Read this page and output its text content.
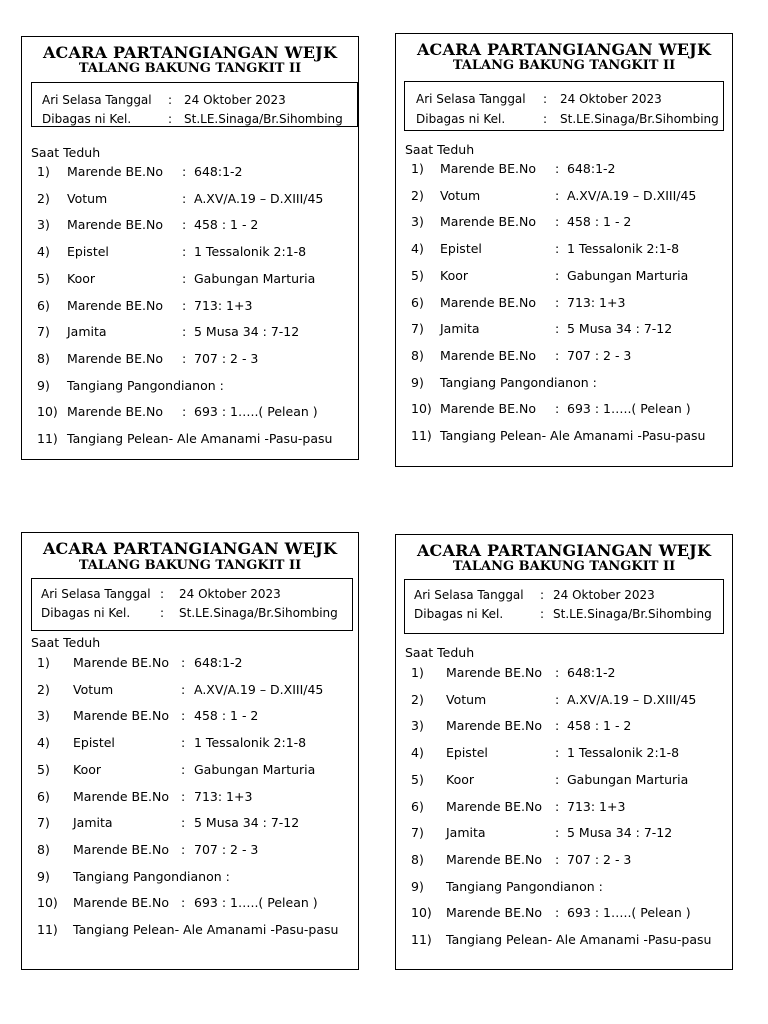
ACARA PARTANGIANGAN WEJK
TALANG BAKUNG TANGKIT II
Ari Selasa Tanggal : 24 Oktober 2023
Dibagas ni Kel.	: St.LE.Sinaga/Br.Sihombing
Saat Teduh
1) Marende BE.No : 648:1-2
2) Votum	: A.XV/A.19 – D.XIII/45
3) Marende BE.No : 458 : 1 - 2
4) Epistel	: 1 Tessalonik 2:1-8
5) Koor	: Gabungan Marturia
6) Marende BE.No : 713: 1+3
7) Jamita	: 5 Musa 34 : 7-12
8) Marende BE.No : 707 : 2 - 3
9) Tangiang Pangondianon :
10) Marende BE.No : 693 : 1…..( Pelean )
11) Tangiang Pelean- Ale Amanami -Pasu-pasu
ACARA PARTANGIANGAN WEJK
TALANG BAKUNG TANGKIT II
Ari Selasa Tanggal : 24 Oktober 2023
Dibagas ni Kel.	: St.LE.Sinaga/Br.Sihombing
Saat Teduh
1) Marende BE.No : 648:1-2
2) Votum	: A.XV/A.19 – D.XIII/45
3) Marende BE.No : 458 : 1 - 2
4) Epistel	: 1 Tessalonik 2:1-8
5) Koor	: Gabungan Marturia
6) Marende BE.No : 713: 1+3
7) Jamita	: 5 Musa 34 : 7-12
8) Marende BE.No : 707 : 2 - 3
9) Tangiang Pangondianon :
10) Marende BE.No : 693 : 1…..( Pelean )
11) Tangiang Pelean- Ale Amanami -Pasu-pasu
ACARA PARTANGIANGAN WEJK
TALANG BAKUNG TANGKIT II
Ari Selasa Tanggal : 24 Oktober 2023
Dibagas ni Kel. : St.LE.Sinaga/Br.Sihombing
Saat Teduh
1) Marende BE.No : 648:1-2
2) Votum	: A.XV/A.19 – D.XIII/45
3) Marende BE.No : 458 : 1 - 2
4) Epistel	: 1 Tessalonik 2:1-8
5) Koor	: Gabungan Marturia
6) Marende BE.No : 713: 1+3
7) Jamita	: 5 Musa 34 : 7-12
8) Marende BE.No : 707 : 2 - 3
9) Tangiang Pangondianon :
10) Marende BE.No : 693 : 1…..( Pelean )
11) Tangiang Pelean- Ale Amanami -Pasu-pasu
ACARA PARTANGIANGAN WEJK
TALANG BAKUNG TANGKIT II
Ari Selasa Tanggal : 24 Oktober 2023
Dibagas ni Kel.	: St.LE.Sinaga/Br.Sihombing
Saat Teduh
1) Marende BE.No : 648:1-2
2) Votum	: A.XV/A.19 – D.XIII/45
3) Marende BE.No : 458 : 1 - 2
4) Epistel	: 1 Tessalonik 2:1-8
5) Koor	: Gabungan Marturia
6) Marende BE.No : 713: 1+3
7) Jamita	: 5 Musa 34 : 7-12
8) Marende BE.No : 707 : 2 - 3
9) Tangiang Pangondianon :
10) Marende BE.No : 693 : 1…..( Pelean )
11) Tangiang Pelean- Ale Amanami -Pasu-pasu
